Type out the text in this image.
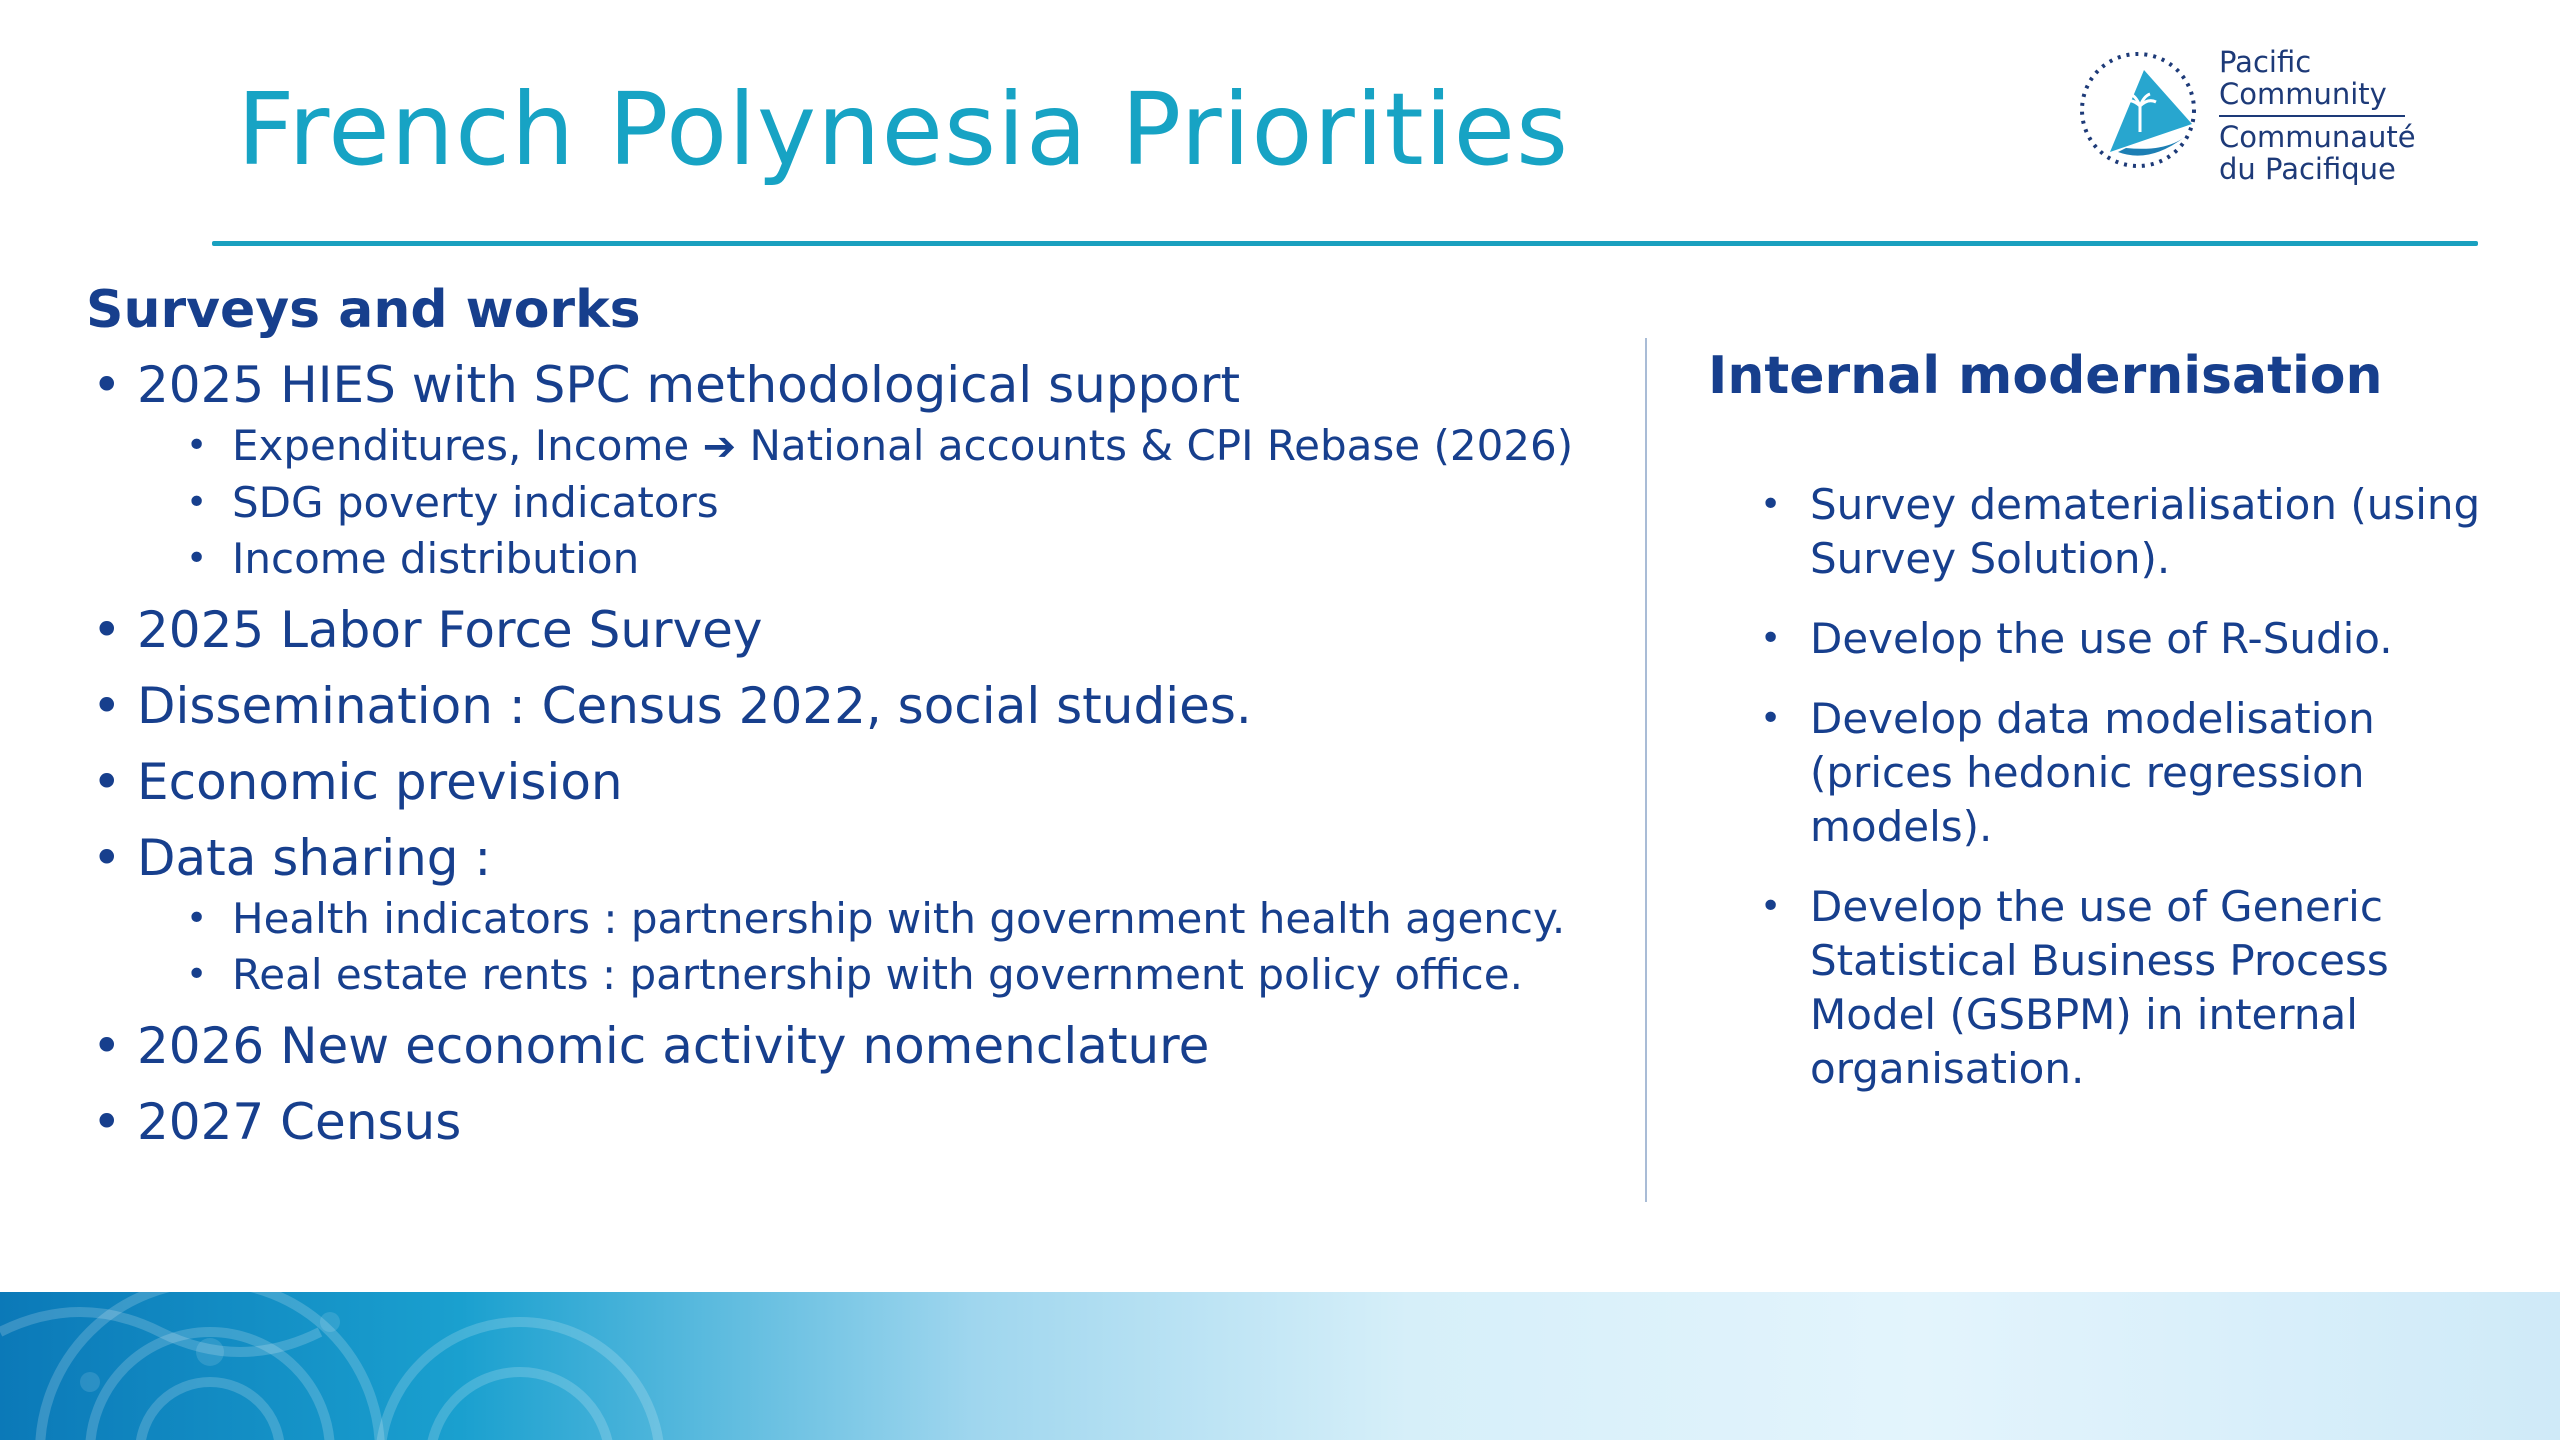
French Polynesia Priorities
Pacific
Community
Communauté
du Pacifique
Surveys and works
• 2025 HIES with SPC methodological support
• Expenditures, Income ➔ National accounts & CPI Rebase (2026)
• SDG poverty indicators
• Income distribution
• 2025 Labor Force Survey
• Dissemination : Census 2022, social studies.
• Economic prevision
• Data sharing :
• Health indicators : partnership with government health agency.
• Real estate rents : partnership with government policy office.
• 2026 New economic activity nomenclature
• 2027 Census
Internal modernisation
• Survey dematerialisation (using Survey Solution).
• Develop the use of R-Sudio.
• Develop data modelisation (prices hedonic regression models).
• Develop the use of Generic Statistical Business Process Model (GSBPM) in internal organisation.
